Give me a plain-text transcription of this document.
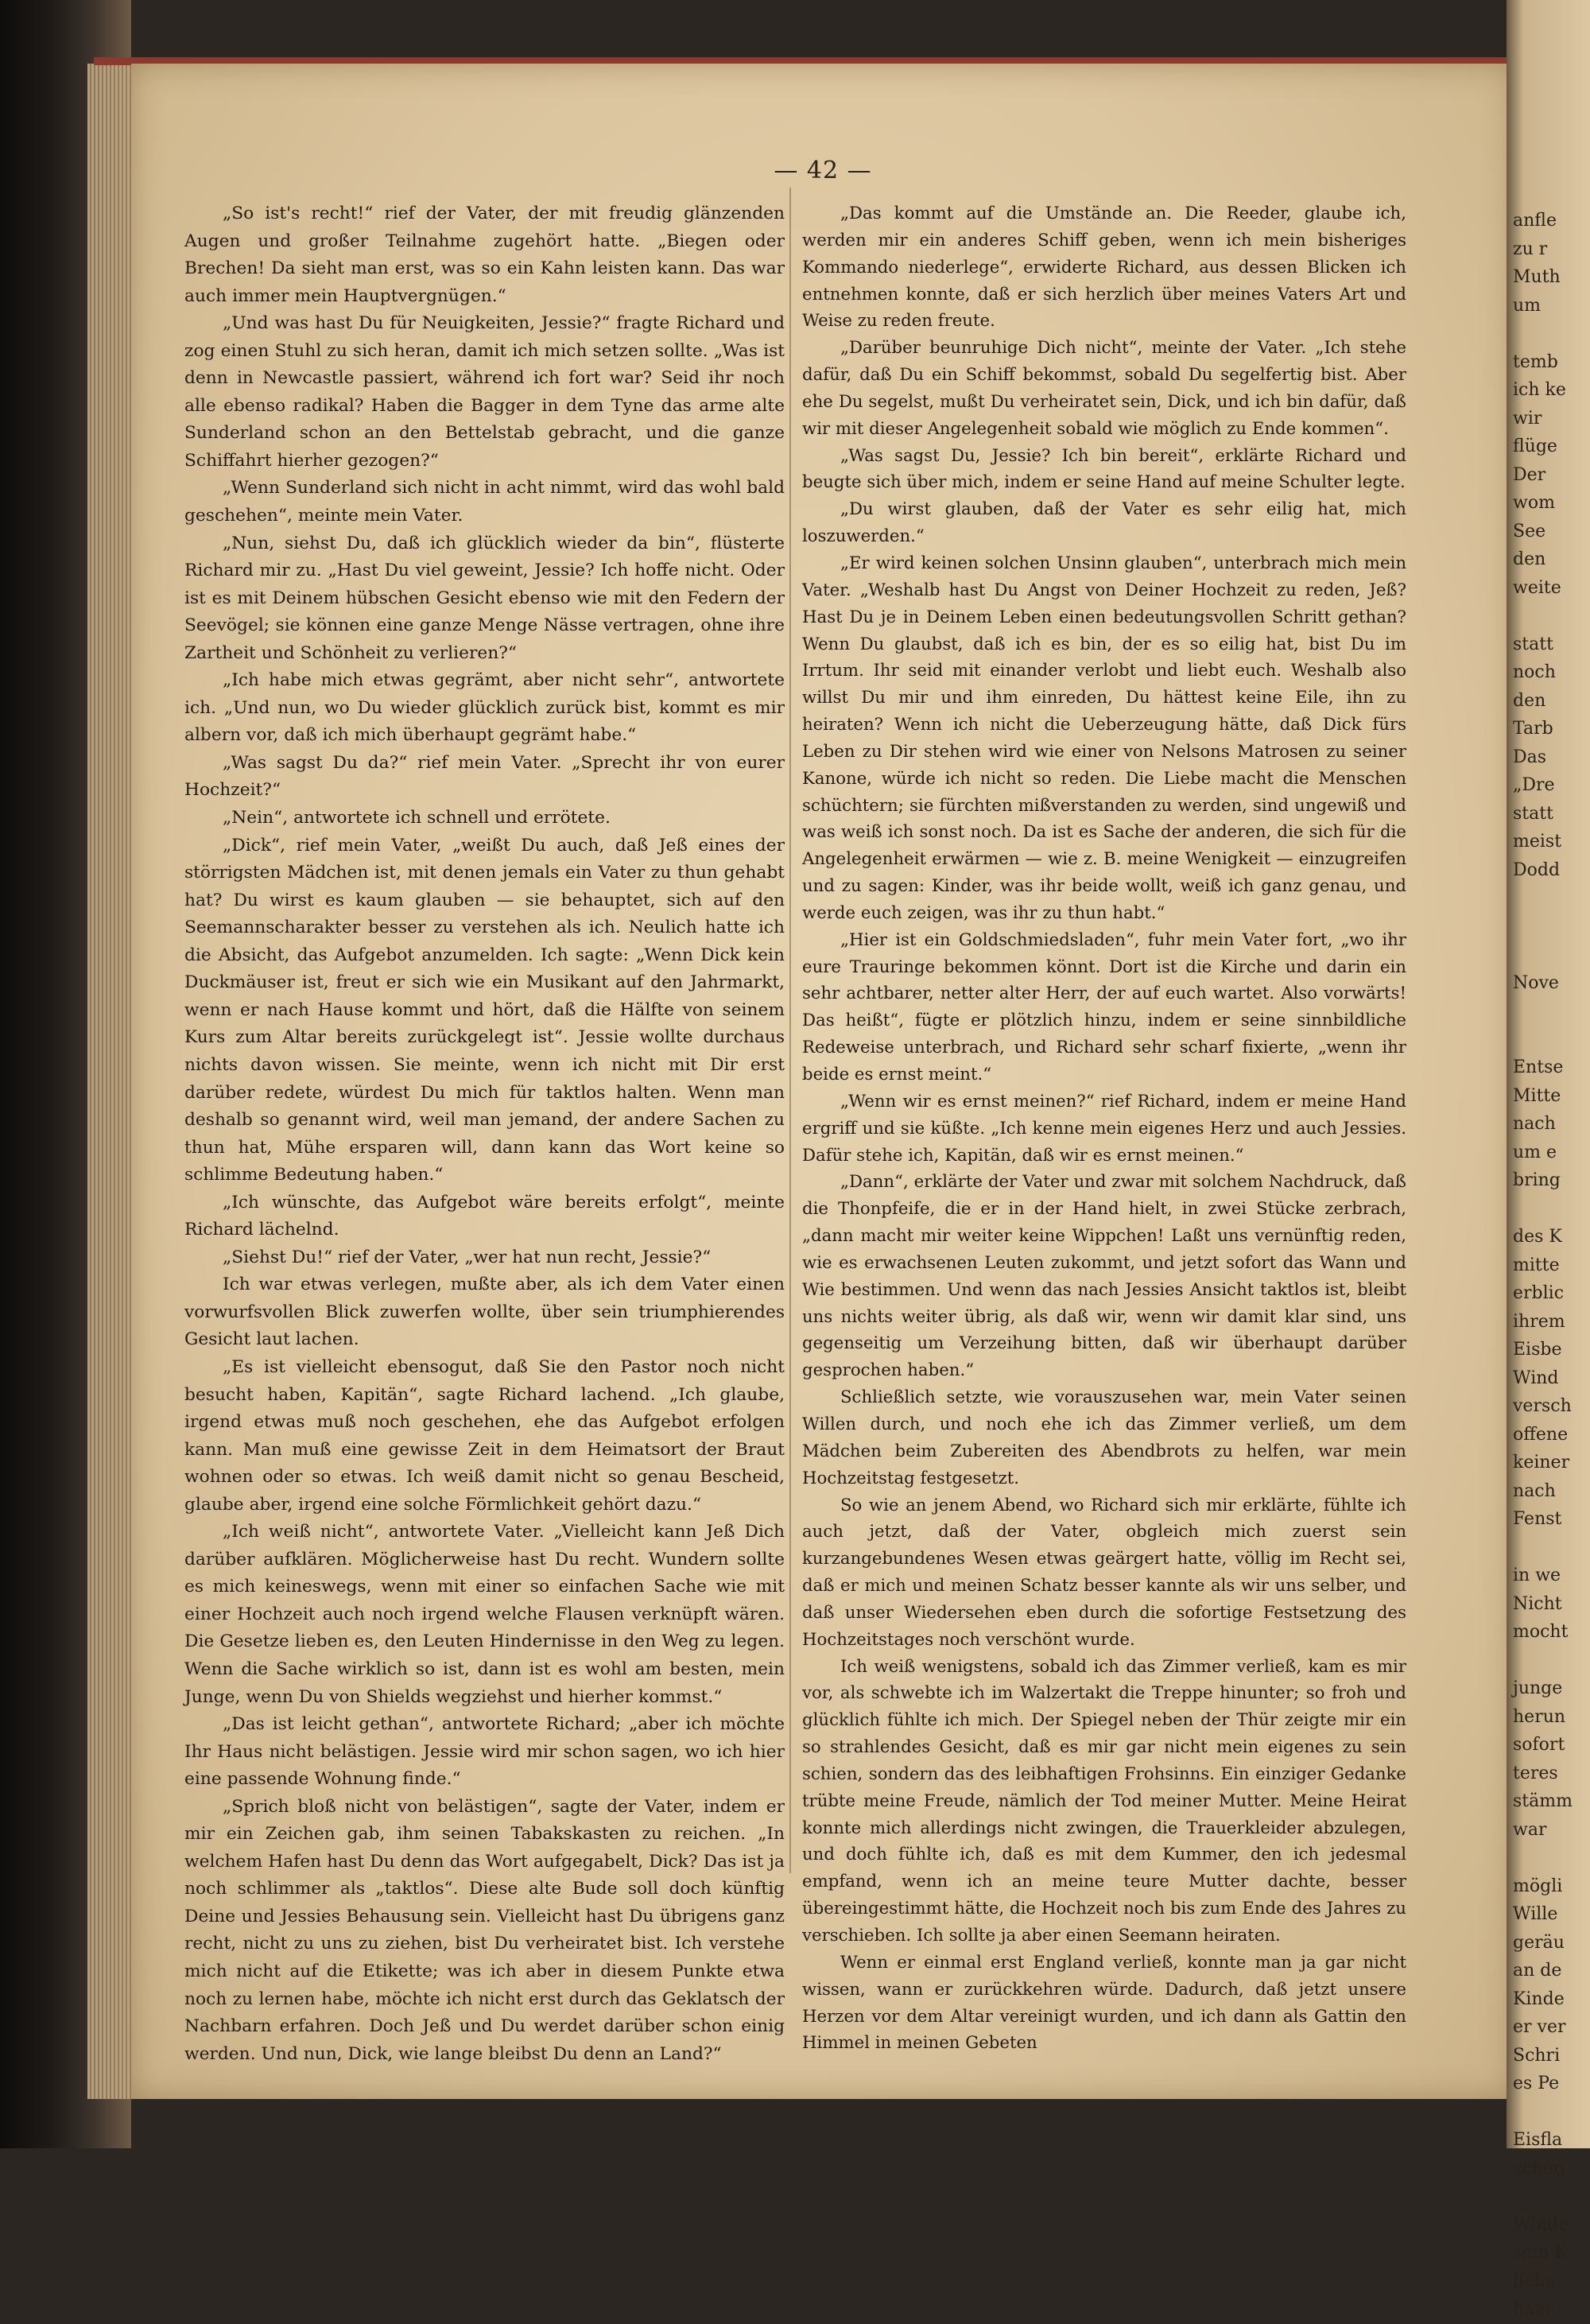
— 42 —

„So ist's recht!“ rief der Vater, der mit freudig glänzenden Augen und großer Teilnahme zugehört hatte. „Biegen oder Brechen! Da sieht man erst, was so ein Kahn leisten kann. Das war auch immer mein Hauptvergnügen.“

„Und was hast Du für Neuigkeiten, Jessie?“ fragte Richard und zog einen Stuhl zu sich heran, damit ich mich setzen sollte. „Was ist denn in Newcastle passiert, während ich fort war? Seid ihr noch alle ebenso radikal? Haben die Bagger in dem Tyne das arme alte Sunderland schon an den Bettelstab gebracht, und die ganze Schiffahrt hierher gezogen?“

„Wenn Sunderland sich nicht in acht nimmt, wird das wohl bald geschehen“, meinte mein Vater.

„Nun, siehst Du, daß ich glücklich wieder da bin“, flüsterte Richard mir zu. „Hast Du viel geweint, Jessie? Ich hoffe nicht. Oder ist es mit Deinem hübschen Gesicht ebenso wie mit den Federn der Seevögel; sie können eine ganze Menge Nässe vertragen, ohne ihre Zartheit und Schönheit zu verlieren?“

„Ich habe mich etwas gegrämt, aber nicht sehr“, antwortete ich. „Und nun, wo Du wieder glücklich zurück bist, kommt es mir albern vor, daß ich mich überhaupt gegrämt habe.“

„Was sagst Du da?“ rief mein Vater. „Sprecht ihr von eurer Hochzeit?“

„Nein“, antwortete ich schnell und errötete.

„Dick“, rief mein Vater, „weißt Du auch, daß Jeß eines der störrigsten Mädchen ist, mit denen jemals ein Vater zu thun gehabt hat? Du wirst es kaum glauben — sie behauptet, sich auf den Seemannscharakter besser zu verstehen als ich. Neulich hatte ich die Absicht, das Aufgebot anzumelden. Ich sagte: „Wenn Dick kein Duckmäuser ist, freut er sich wie ein Musikant auf den Jahrmarkt, wenn er nach Hause kommt und hört, daß die Hälfte von seinem Kurs zum Altar bereits zurückgelegt ist“. Jessie wollte durchaus nichts davon wissen. Sie meinte, wenn ich nicht mit Dir erst darüber redete, würdest Du mich für taktlos halten. Wenn man deshalb so genannt wird, weil man jemand, der andere Sachen zu thun hat, Mühe ersparen will, dann kann das Wort keine so schlimme Bedeutung haben.“

„Ich wünschte, das Aufgebot wäre bereits erfolgt“, meinte Richard lächelnd.

„Siehst Du!“ rief der Vater, „wer hat nun recht, Jessie?“

Ich war etwas verlegen, mußte aber, als ich dem Vater einen vorwurfsvollen Blick zuwerfen wollte, über sein triumphierendes Gesicht laut lachen.

„Es ist vielleicht ebensogut, daß Sie den Pastor noch nicht besucht haben, Kapitän“, sagte Richard lachend. „Ich glaube, irgend etwas muß noch geschehen, ehe das Aufgebot erfolgen kann. Man muß eine gewisse Zeit in dem Heimatsort der Braut wohnen oder so etwas. Ich weiß damit nicht so genau Bescheid, glaube aber, irgend eine solche Förmlichkeit gehört dazu.“

„Ich weiß nicht“, antwortete Vater. „Vielleicht kann Jeß Dich darüber aufklären. Möglicherweise hast Du recht. Wundern sollte es mich keineswegs, wenn mit einer so einfachen Sache wie mit einer Hochzeit auch noch irgend welche Flausen verknüpft wären. Die Gesetze lieben es, den Leuten Hindernisse in den Weg zu legen. Wenn die Sache wirklich so ist, dann ist es wohl am besten, mein Junge, wenn Du von Shields wegziehst und hierher kommst.“

„Das ist leicht gethan“, antwortete Richard; „aber ich möchte Ihr Haus nicht belästigen. Jessie wird mir schon sagen, wo ich hier eine passende Wohnung finde.“

„Sprich bloß nicht von belästigen“, sagte der Vater, indem er mir ein Zeichen gab, ihm seinen Tabakskasten zu reichen. „In welchem Hafen hast Du denn das Wort aufgegabelt, Dick? Das ist ja noch schlimmer als „taktlos“. Diese alte Bude soll doch künftig Deine und Jessies Behausung sein. Vielleicht hast Du übrigens ganz recht, nicht zu uns zu ziehen, bist Du verheiratet bist. Ich verstehe mich nicht auf die Etikette; was ich aber in diesem Punkte etwa noch zu lernen habe, möchte ich nicht erst durch das Geklatsch der Nachbarn erfahren. Doch Jeß und Du werdet darüber schon einig werden. Und nun, Dick, wie lange bleibst Du denn an Land?“

„Das kommt auf die Umstände an. Die Reeder, glaube ich, werden mir ein anderes Schiff geben, wenn ich mein bisheriges Kommando niederlege“, erwiderte Richard, aus dessen Blicken ich entnehmen konnte, daß er sich herzlich über meines Vaters Art und Weise zu reden freute.

„Darüber beunruhige Dich nicht“, meinte der Vater. „Ich stehe dafür, daß Du ein Schiff bekommst, sobald Du segelfertig bist. Aber ehe Du segelst, mußt Du verheiratet sein, Dick, und ich bin dafür, daß wir mit dieser Angelegenheit sobald wie möglich zu Ende kommen“.

„Was sagst Du, Jessie? Ich bin bereit“, erklärte Richard und beugte sich über mich, indem er seine Hand auf meine Schulter legte.

„Du wirst glauben, daß der Vater es sehr eilig hat, mich loszuwerden.“

„Er wird keinen solchen Unsinn glauben“, unterbrach mich mein Vater. „Weshalb hast Du Angst von Deiner Hochzeit zu reden, Jeß? Hast Du je in Deinem Leben einen bedeutungsvollen Schritt gethan? Wenn Du glaubst, daß ich es bin, der es so eilig hat, bist Du im Irrtum. Ihr seid mit einander verlobt und liebt euch. Weshalb also willst Du mir und ihm einreden, Du hättest keine Eile, ihn zu heiraten? Wenn ich nicht die Ueberzeugung hätte, daß Dick fürs Leben zu Dir stehen wird wie einer von Nelsons Matrosen zu seiner Kanone, würde ich nicht so reden. Die Liebe macht die Menschen schüchtern; sie fürchten mißverstanden zu werden, sind ungewiß und was weiß ich sonst noch. Da ist es Sache der anderen, die sich für die Angelegenheit erwärmen — wie z. B. meine Wenigkeit — einzugreifen und zu sagen: Kinder, was ihr beide wollt, weiß ich ganz genau, und werde euch zeigen, was ihr zu thun habt.“

„Hier ist ein Goldschmiedsladen“, fuhr mein Vater fort, „wo ihr eure Trauringe bekommen könnt. Dort ist die Kirche und darin ein sehr achtbarer, netter alter Herr, der auf euch wartet. Also vorwärts! Das heißt“, fügte er plötzlich hinzu, indem er seine sinnbildliche Redeweise unterbrach, und Richard sehr scharf fixierte, „wenn ihr beide es ernst meint.“

„Wenn wir es ernst meinen?“ rief Richard, indem er meine Hand ergriff und sie küßte. „Ich kenne mein eigenes Herz und auch Jessies. Dafür stehe ich, Kapitän, daß wir es ernst meinen.“

„Dann“, erklärte der Vater und zwar mit solchem Nachdruck, daß die Thonpfeife, die er in der Hand hielt, in zwei Stücke zerbrach, „dann macht mir weiter keine Wippchen! Laßt uns vernünftig reden, wie es erwachsenen Leuten zukommt, und jetzt sofort das Wann und Wie bestimmen. Und wenn das nach Jessies Ansicht taktlos ist, bleibt uns nichts weiter übrig, als daß wir, wenn wir damit klar sind, uns gegenseitig um Verzeihung bitten, daß wir überhaupt darüber gesprochen haben.“

Schließlich setzte, wie vorauszusehen war, mein Vater seinen Willen durch, und noch ehe ich das Zimmer verließ, um dem Mädchen beim Zubereiten des Abendbrots zu helfen, war mein Hochzeitstag festgesetzt.

So wie an jenem Abend, wo Richard sich mir erklärte, fühlte ich auch jetzt, daß der Vater, obgleich mich zuerst sein kurzangebundenes Wesen etwas geärgert hatte, völlig im Recht sei, daß er mich und meinen Schatz besser kannte als wir uns selber, und daß unser Wiedersehen eben durch die sofortige Festsetzung des Hochzeitstages noch verschönt wurde.

Ich weiß wenigstens, sobald ich das Zimmer verließ, kam es mir vor, als schwebte ich im Walzertakt die Treppe hinunter; so froh und glücklich fühlte ich mich. Der Spiegel neben der Thür zeigte mir ein so strahlendes Gesicht, daß es mir gar nicht mein eigenes zu sein schien, sondern das des leibhaftigen Frohsinns. Ein einziger Gedanke trübte meine Freude, nämlich der Tod meiner Mutter. Meine Heirat konnte mich allerdings nicht zwingen, die Trauerkleider abzulegen, und doch fühlte ich, daß es mit dem Kummer, den ich jedesmal empfand, wenn ich an meine teure Mutter dachte, besser übereingestimmt hätte, die Hochzeit noch bis zum Ende des Jahres zu verschieben. Ich sollte ja aber einen Seemann heiraten.

Wenn er einmal erst England verließ, konnte man ja gar nicht wissen, wann er zurückkehren würde. Dadurch, daß jetzt unsere Herzen vor dem Altar vereinigt wurden, und ich dann als Gattin den Himmel in meinen Gebeten

anfle
zu r
Muth
um

temb
ich ke
wir
flüge
Der
wom
See
den
weite

statt
noch
den
Tarb
Das
„Dre
statt
meist
Dodd

Nove

Entse
Mitte
nach
um e
bring

des K
mitte
erblic
ihrem
Eisbe
Wind
versch
offene
keiner
nach
Fenst

in we
Nicht
mocht

junge
herun
sofort
teres
stämm
war

mögli
Wille
geräu
an de
Kinde
er ver
Schri
es Pe

Eisfla
schon

Winde
sein K
liche
haar
